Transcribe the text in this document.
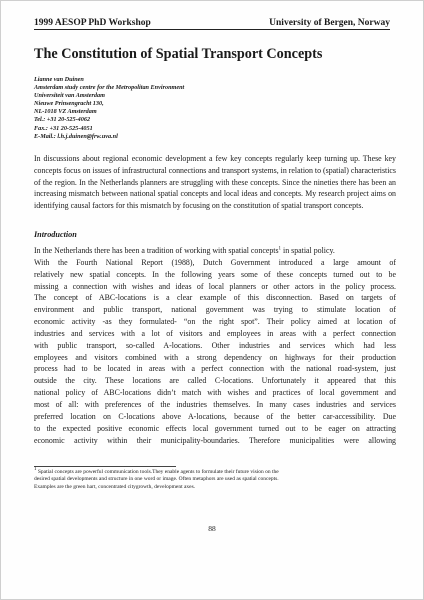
1999 AESOP PhD Workshop	University of Bergen, Norway
The Constitution of Spatial Transport Concepts
Lianne van Duinen
Amsterdam study centre for the Metropolitan Environment
Universiteit van Amsterdam
Nieuwe Prinsengracht 130,
NL-1018 VZ Amsterdam
Tel.: +31 20-525-4062
Fax.: +31 20-525-4051
E-Mail.: l.h.j.duinen@frw.uva.nl
In discussions about regional economic development a few key concepts regularly keep turning up. These key concepts focus on issues of infrastructural connections and transport systems, in relation to (spatial) characteristics of the region. In the Netherlands planners are struggling with these concepts. Since the nineties there has been an increasing mismatch between national spatial concepts and local ideas and concepts. My research project aims on identifying causal factors for this mismatch by focusing on the constitution of spatial transport concepts.
Introduction
In the Netherlands there has been a tradition of working with spatial concepts$^1$ in spatial policy.
With the Fourth National Report (1988), Dutch Government introduced a large amount of
relatively new spatial concepts. In the following years some of these concepts turned out to be
missing a connection with wishes and ideas of local planners or other actors in the policy process.
The concept of ABC-locations is a clear example of this disconnection. Based on targets of
environment and public transport, national government was trying to stimulate location of
economic activity -as they formulated- “on the right spot”. Their policy aimed at location of
industries and services with a lot of visitors and employees in areas with a perfect connection
with public transport, so-called A-locations. Other industries and services which had less
employees and visitors combined with a strong dependency on highways for their production
process had to be located in areas with a perfect connection with the national road-system, just
outside the city. These locations are called C-locations. Unfortunately it appeared that this
national policy of ABC-locations didn’t match with wishes and practices of local government and
most of all: with preferences of the industries themselves. In many cases industries and services
preferred location on C-locations above A-locations, because of the better car-accessibility. Due
to the expected positive economic effects local government turned out to be eager on attracting
economic activity within their municipality-boundaries. Therefore municipalities were allowing
$^1$ Spatial concepts are powerful communication tools.They enable agents to formulate their future vision on the
desired spatial developments and structure in one word or image. Often metaphors are used as spatial concepts.
Examples are the green hart, concentrated citygrowth, development axes.
88
